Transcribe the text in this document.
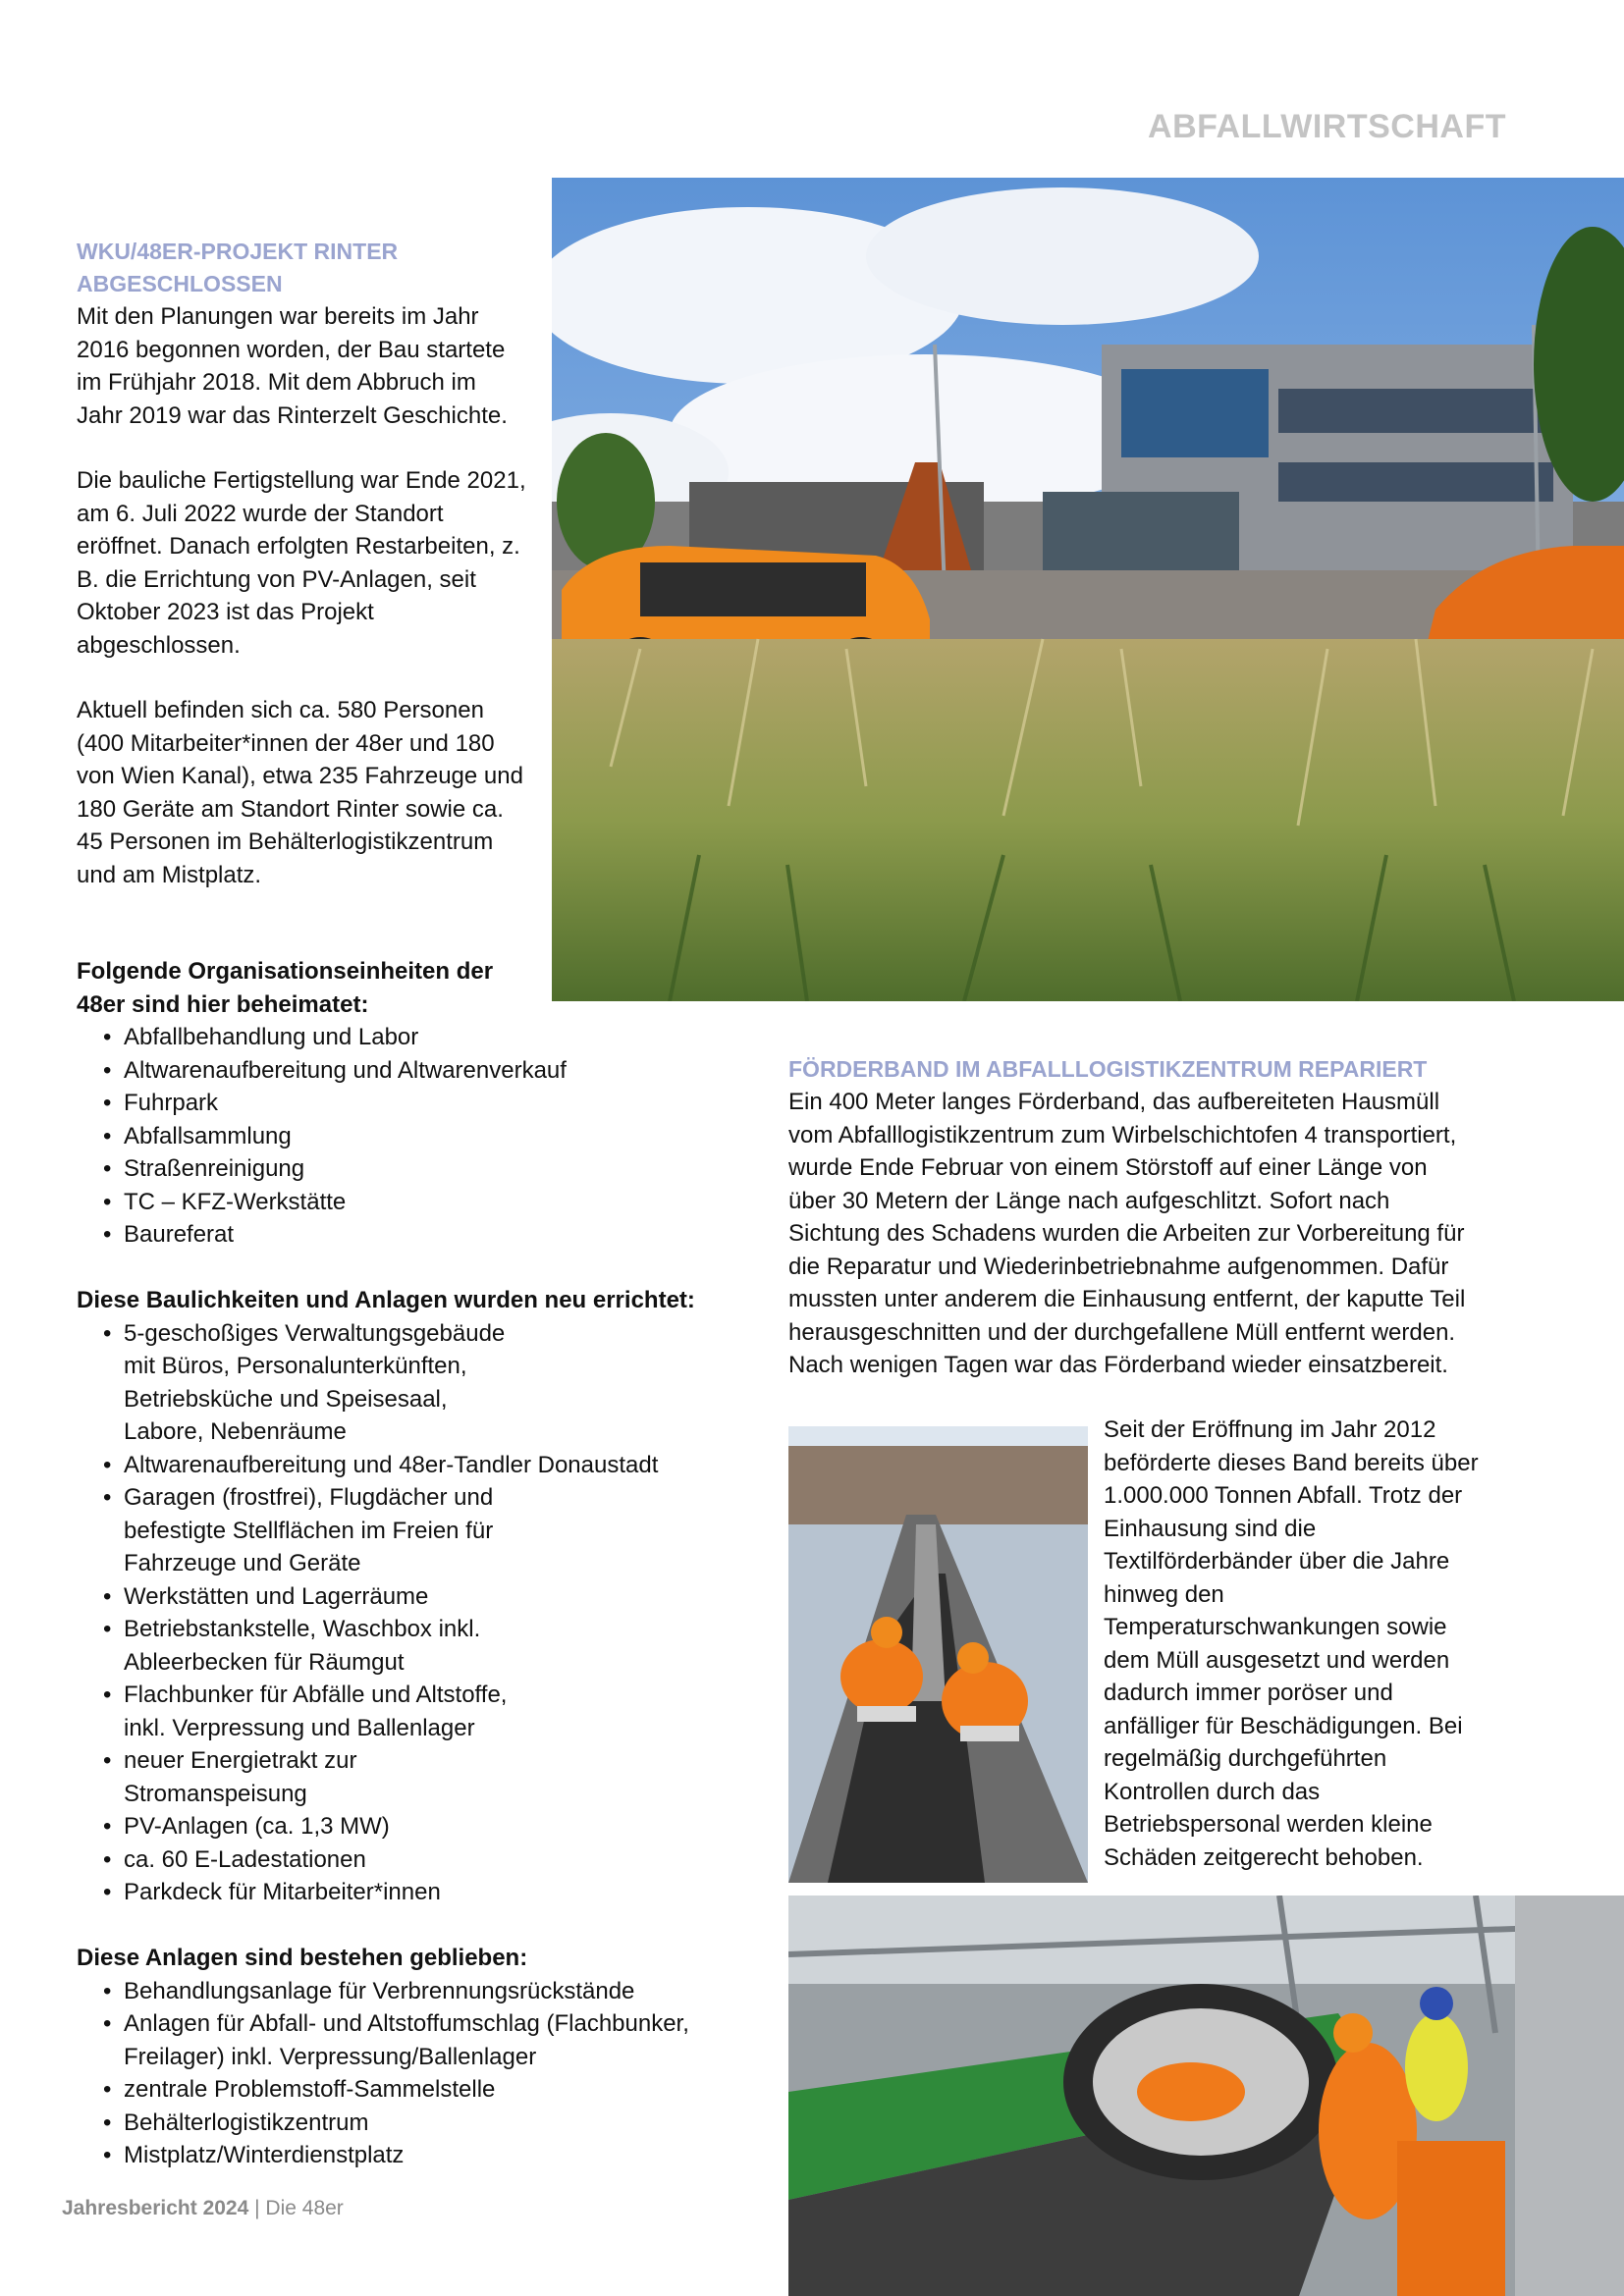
ABFALLWIRTSCHAFT
WKU/48ER-PROJEKT RINTER
ABGESCHLOSSEN

Mit den Planungen war bereits im Jahr 2016 begonnen worden, der Bau startete im Frühjahr 2018. Mit dem Abbruch im Jahr 2019 war das Rinterzelt Geschichte.

Die bauliche Fertigstellung war Ende 2021, am 6. Juli 2022 wurde der Standort eröffnet. Danach erfolgten Restarbeiten, z. B. die Errichtung von PV-Anlagen, seit Oktober 2023 ist das Projekt abgeschlossen.

Aktuell befinden sich ca. 580 Personen (400 Mitarbeiter*innen der 48er und 180 von Wien Kanal), etwa 235 Fahrzeuge und 180 Geräte am Standort Rinter sowie ca. 45 Personen im Behälterlogistikzentrum und am Mistplatz.

Folgende Organisationseinheiten der
48er sind hier beheimatet:

• Abfallbehandlung und Labor
• Altwarenaufbereitung und Altwarenverkauf
• Fuhrpark
• Abfallsammlung
• Straßenreinigung
• TC – KFZ-Werkstätte
• Baureferat

Diese Baulichkeiten und Anlagen wurden neu errichtet:

• 5-geschoßiges Verwaltungsgebäude mit Büros, Personalunterkünften, Betriebsküche und Speisesaal, Labore, Nebenräume
• Altwarenaufbereitung und 48er-Tandler Donaustadt
• Garagen (frostfrei), Flugdächer und befestigte Stellflächen im Freien für Fahrzeuge und Geräte
• Werkstätten und Lagerräume
• Betriebstankstelle, Waschbox inkl. Ableerbecken für Räumgut
• Flachbunker für Abfälle und Altstoffe, inkl. Verpressung und Ballenlager
• neuer Energietrakt zur Stromanspeisung
• PV-Anlagen (ca. 1,3 MW)
• ca. 60 E-Ladestationen
• Parkdeck für Mitarbeiter*innen

Diese Anlagen sind bestehen geblieben:

• Behandlungsanlage für Verbrennungsrückstände
• Anlagen für Abfall- und Altstoffumschlag (Flachbunker, Freilager) inkl. Verpressung/Ballenlager
• zentrale Problemstoff-Sammelstelle
• Behälterlogistikzentrum
• Mistplatz/Winterdienstplatz
FÖRDERBAND IM ABFALLLOGISTIKZENTRUM REPARIERT

Ein 400 Meter langes Förderband, das aufbereiteten Hausmüll vom Abfalllogistikzentrum zum Wirbelschichtofen 4 transportiert, wurde Ende Februar von einem Störstoff auf einer Länge von über 30 Metern der Länge nach aufgeschlitzt. Sofort nach Sichtung des Schadens wurden die Arbeiten zur Vorbereitung für die Reparatur und Wiederinbetriebnahme aufgenommen. Dafür mussten unter anderem die Einhausung entfernt, der kaputte Teil herausgeschnitten und der durchgefallene Müll entfernt werden. Nach wenigen Tagen war das Förderband wieder einsatzbereit.

Seit der Eröffnung im Jahr 2012 beförderte dieses Band bereits über 1.000.000 Tonnen Abfall. Trotz der Einhausung sind die Textilförderbänder über die Jahre hinweg den Temperaturschwankungen sowie dem Müll ausgesetzt und werden dadurch immer poröser und anfälliger für Beschädigungen. Bei regelmäßig durchgeführten Kontrollen durch das Betriebspersonal werden kleine Schäden zeitgerecht behoben.

Jahresbericht 2024 | Die 48er
